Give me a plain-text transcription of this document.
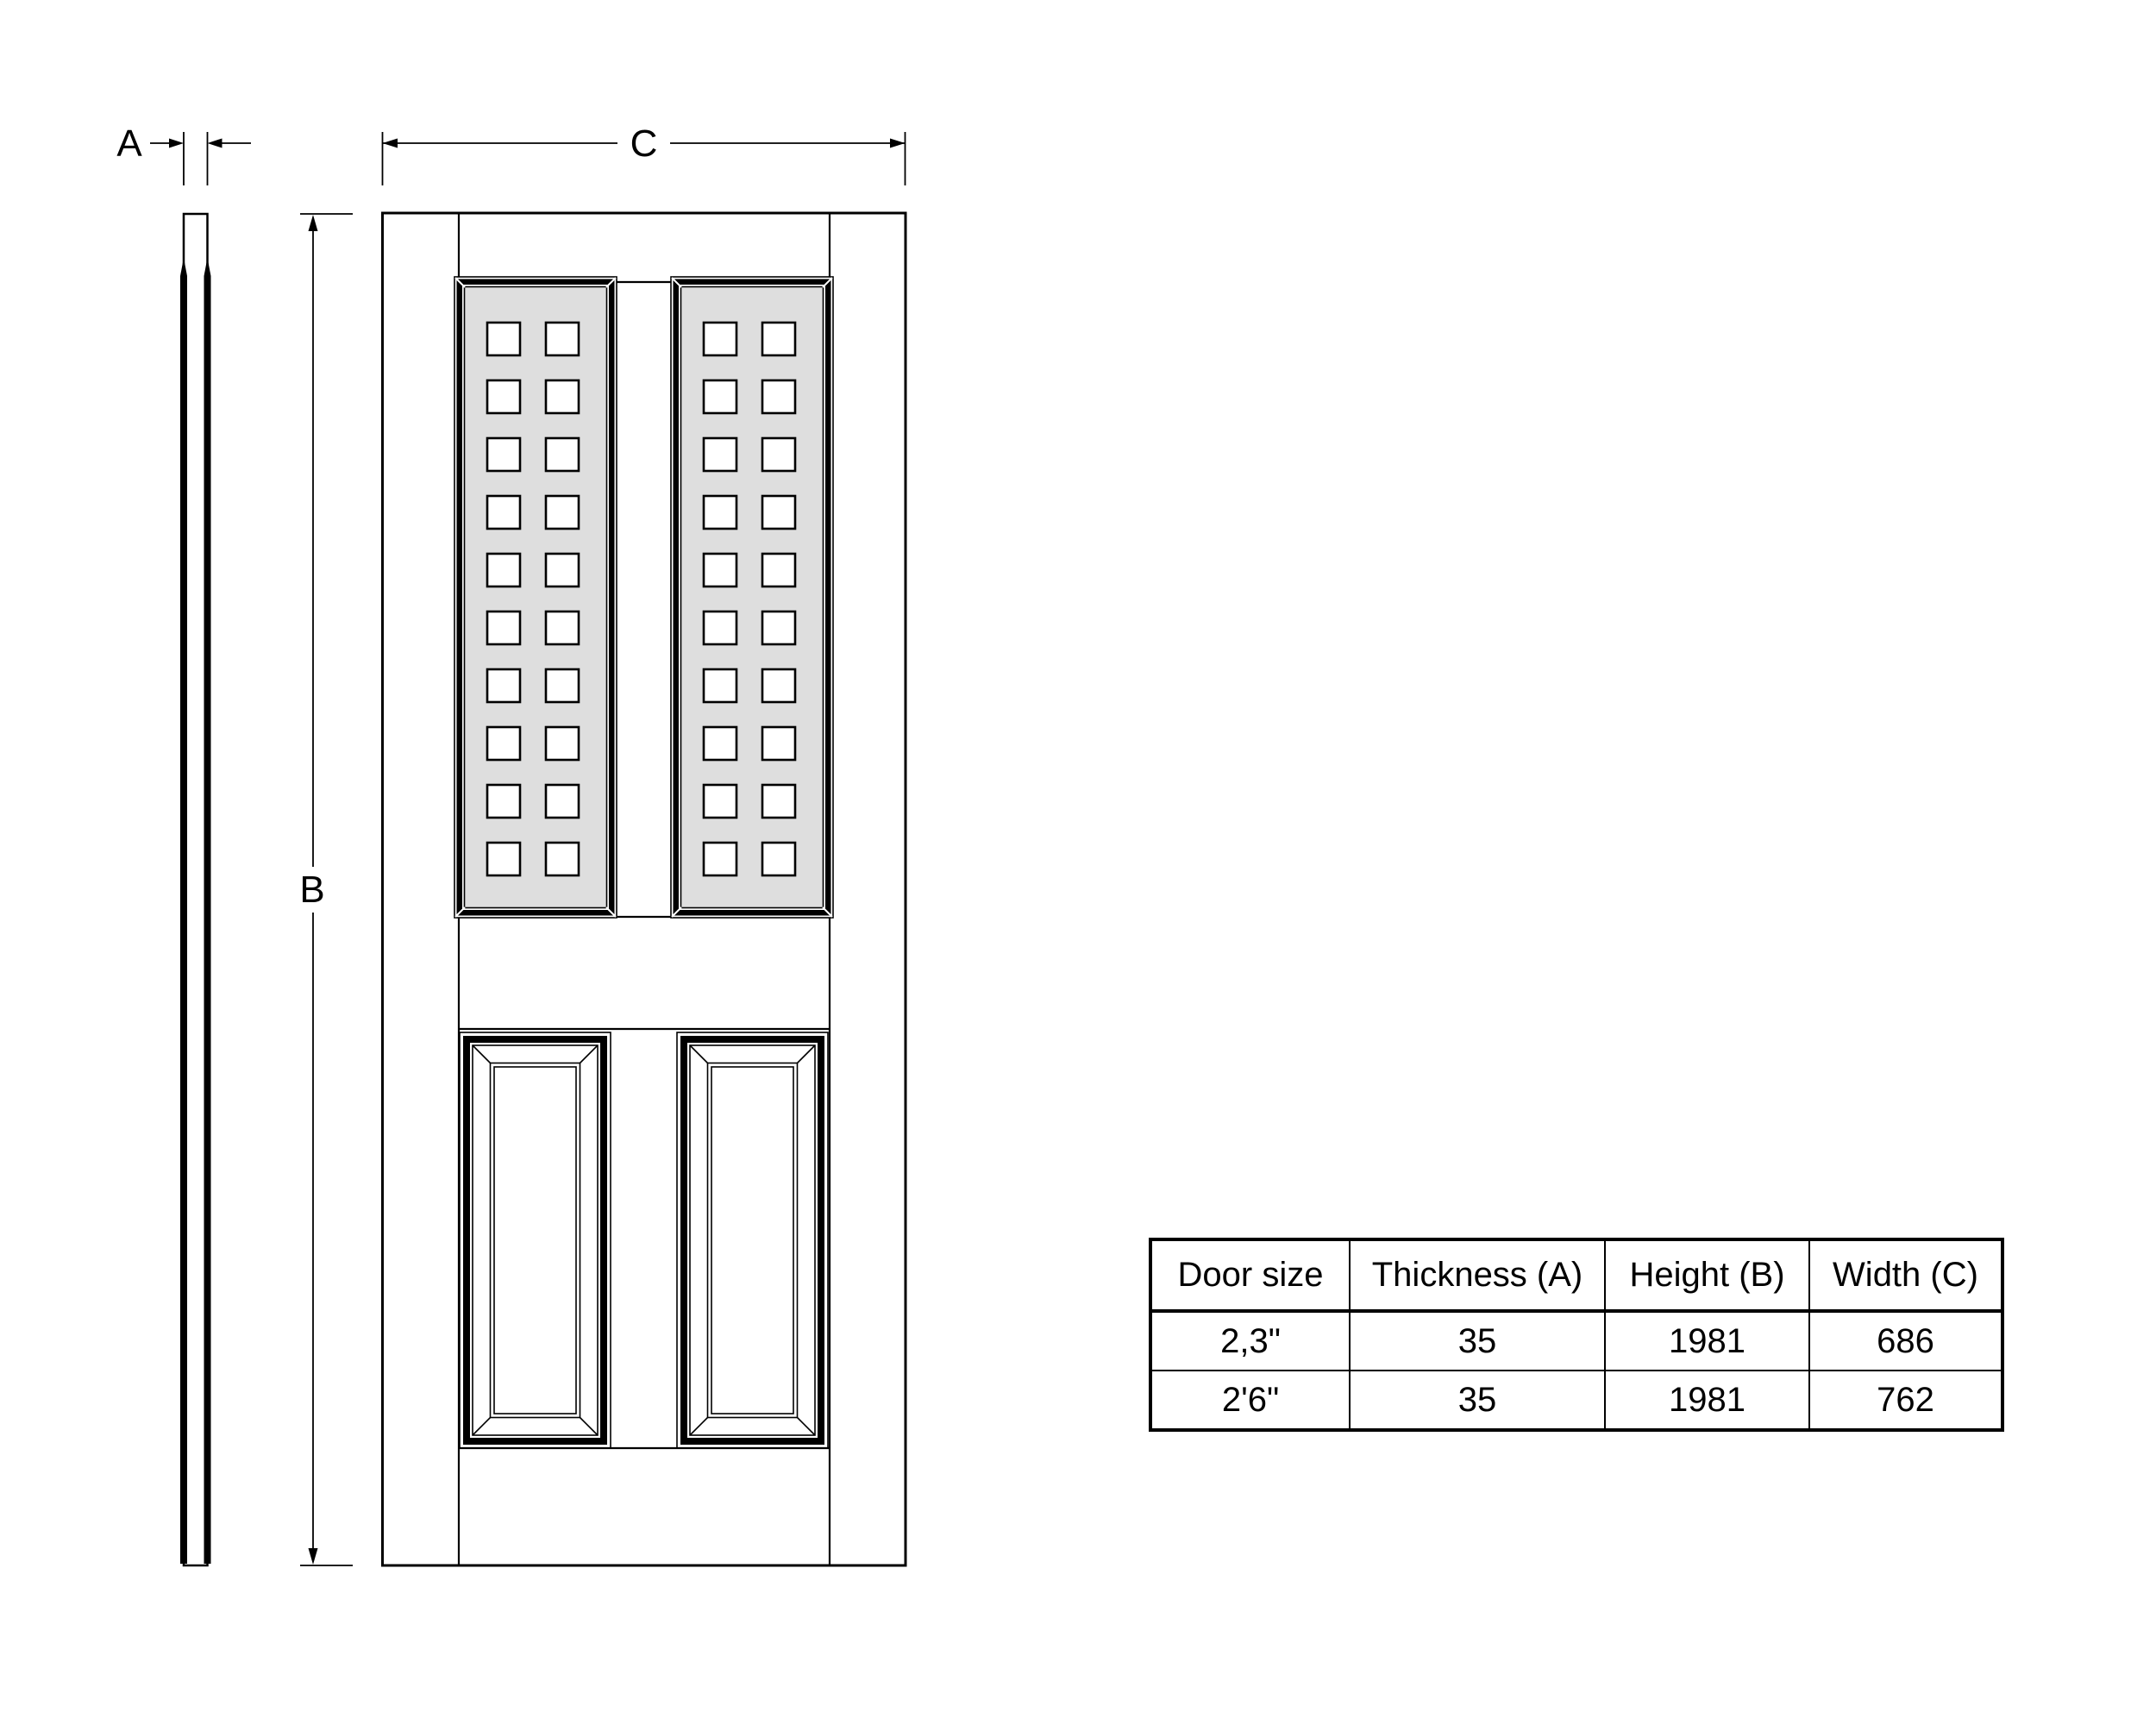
A	C
B
Door size	Thickness (A)	Height (B)	Width (C)
2,3"	35	1981	686
2'6"	35	1981	762
